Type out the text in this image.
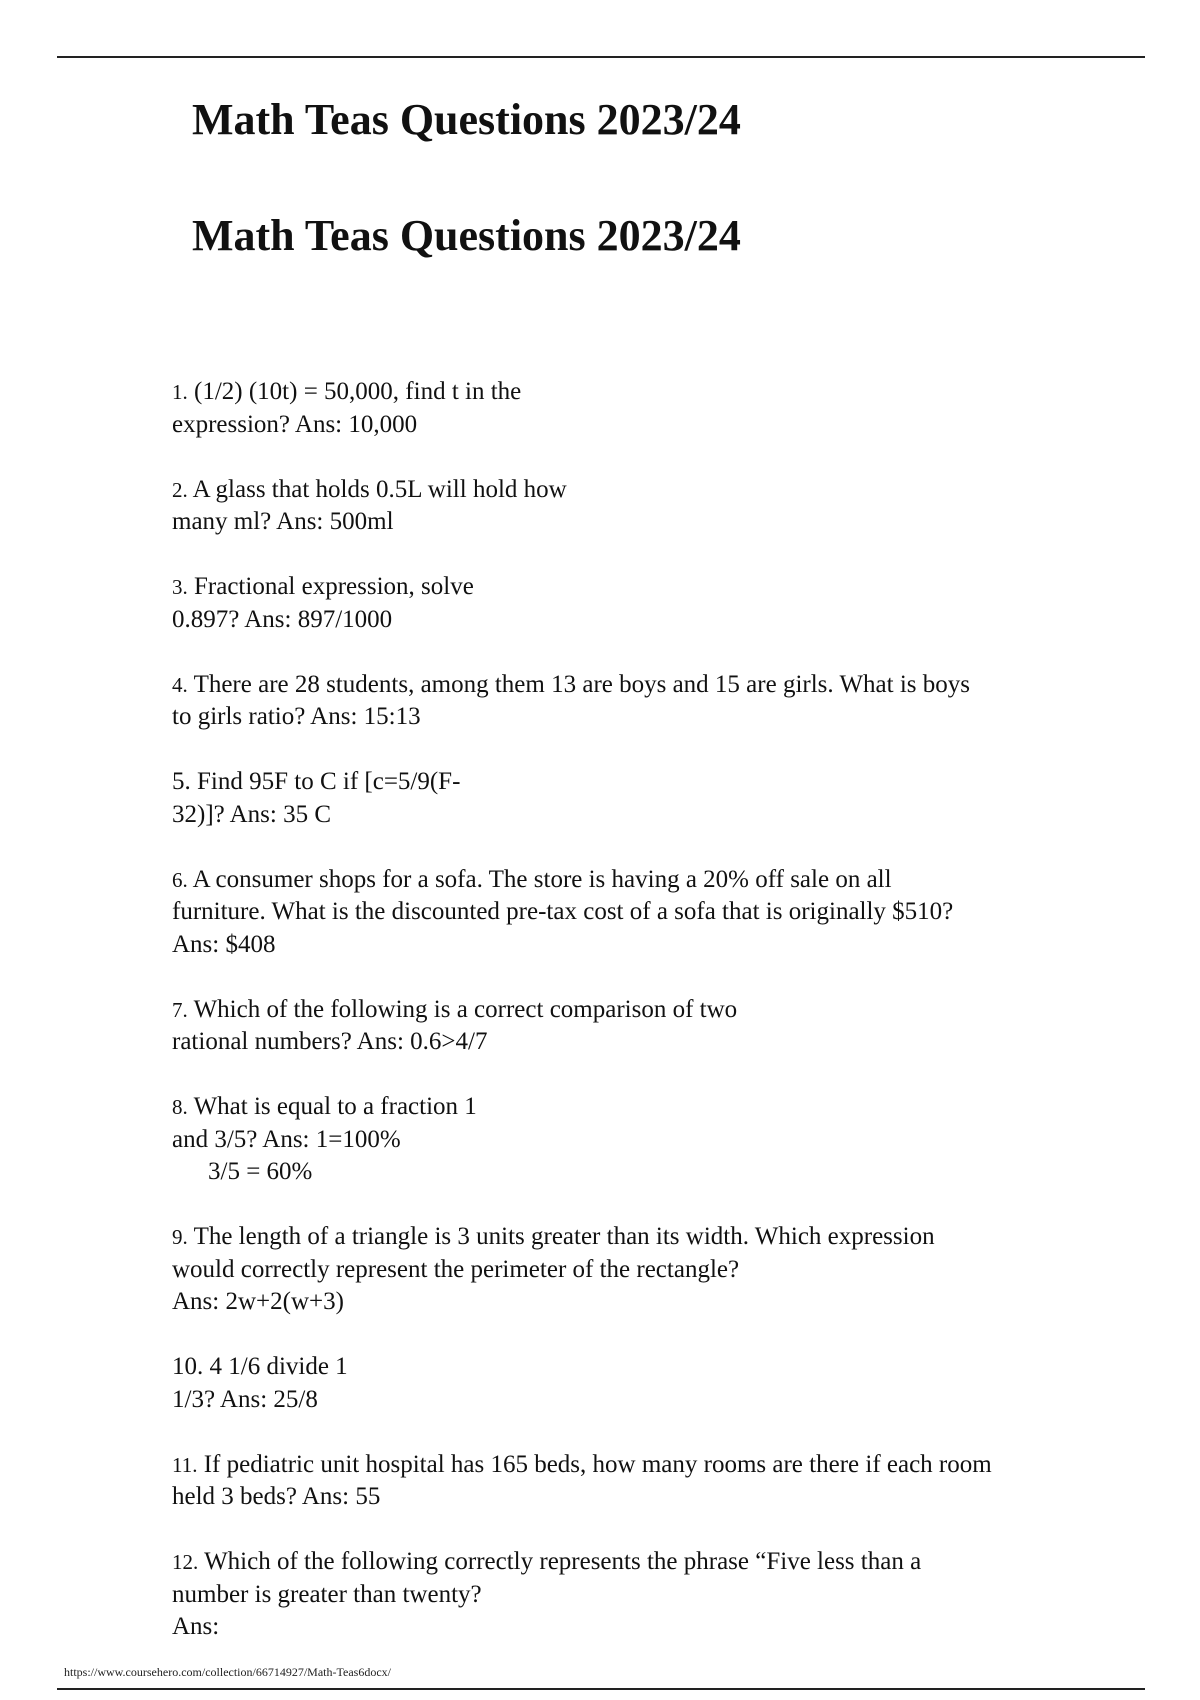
Math Teas Questions 2023/24
Math Teas Questions 2023/24
1. (1/2) (10t) = 50,000, find t in the
expression? Ans: 10,000
2. A glass that holds 0.5L will hold how
many ml? Ans: 500ml
3. Fractional expression, solve
0.897? Ans: 897/1000
4. There are 28 students, among them 13 are boys and 15 are girls. What is boys
to girls ratio? Ans: 15:13
5. Find 95F to C if [c=5/9(F-
32)]? Ans: 35 C
6. A consumer shops for a sofa. The store is having a 20% off sale on all
furniture. What is the discounted pre-tax cost of a sofa that is originally $510?
Ans: $408
7. Which of the following is a correct comparison of two
rational numbers? Ans: 0.6>4/7
8. What is equal to a fraction 1
and 3/5? Ans: 1=100%
3/5 = 60%
9. The length of a triangle is 3 units greater than its width. Which expression
would correctly represent the perimeter of the rectangle?
Ans: 2w+2(w+3)
10. 4 1/6 divide 1
1/3? Ans: 25/8
11. If pediatric unit hospital has 165 beds, how many rooms are there if each room
held 3 beds? Ans: 55
12. Which of the following correctly represents the phrase “Five less than a
number is greater than twenty?
Ans:
https://www.coursehero.com/collection/66714927/Math-Teas6docx/
